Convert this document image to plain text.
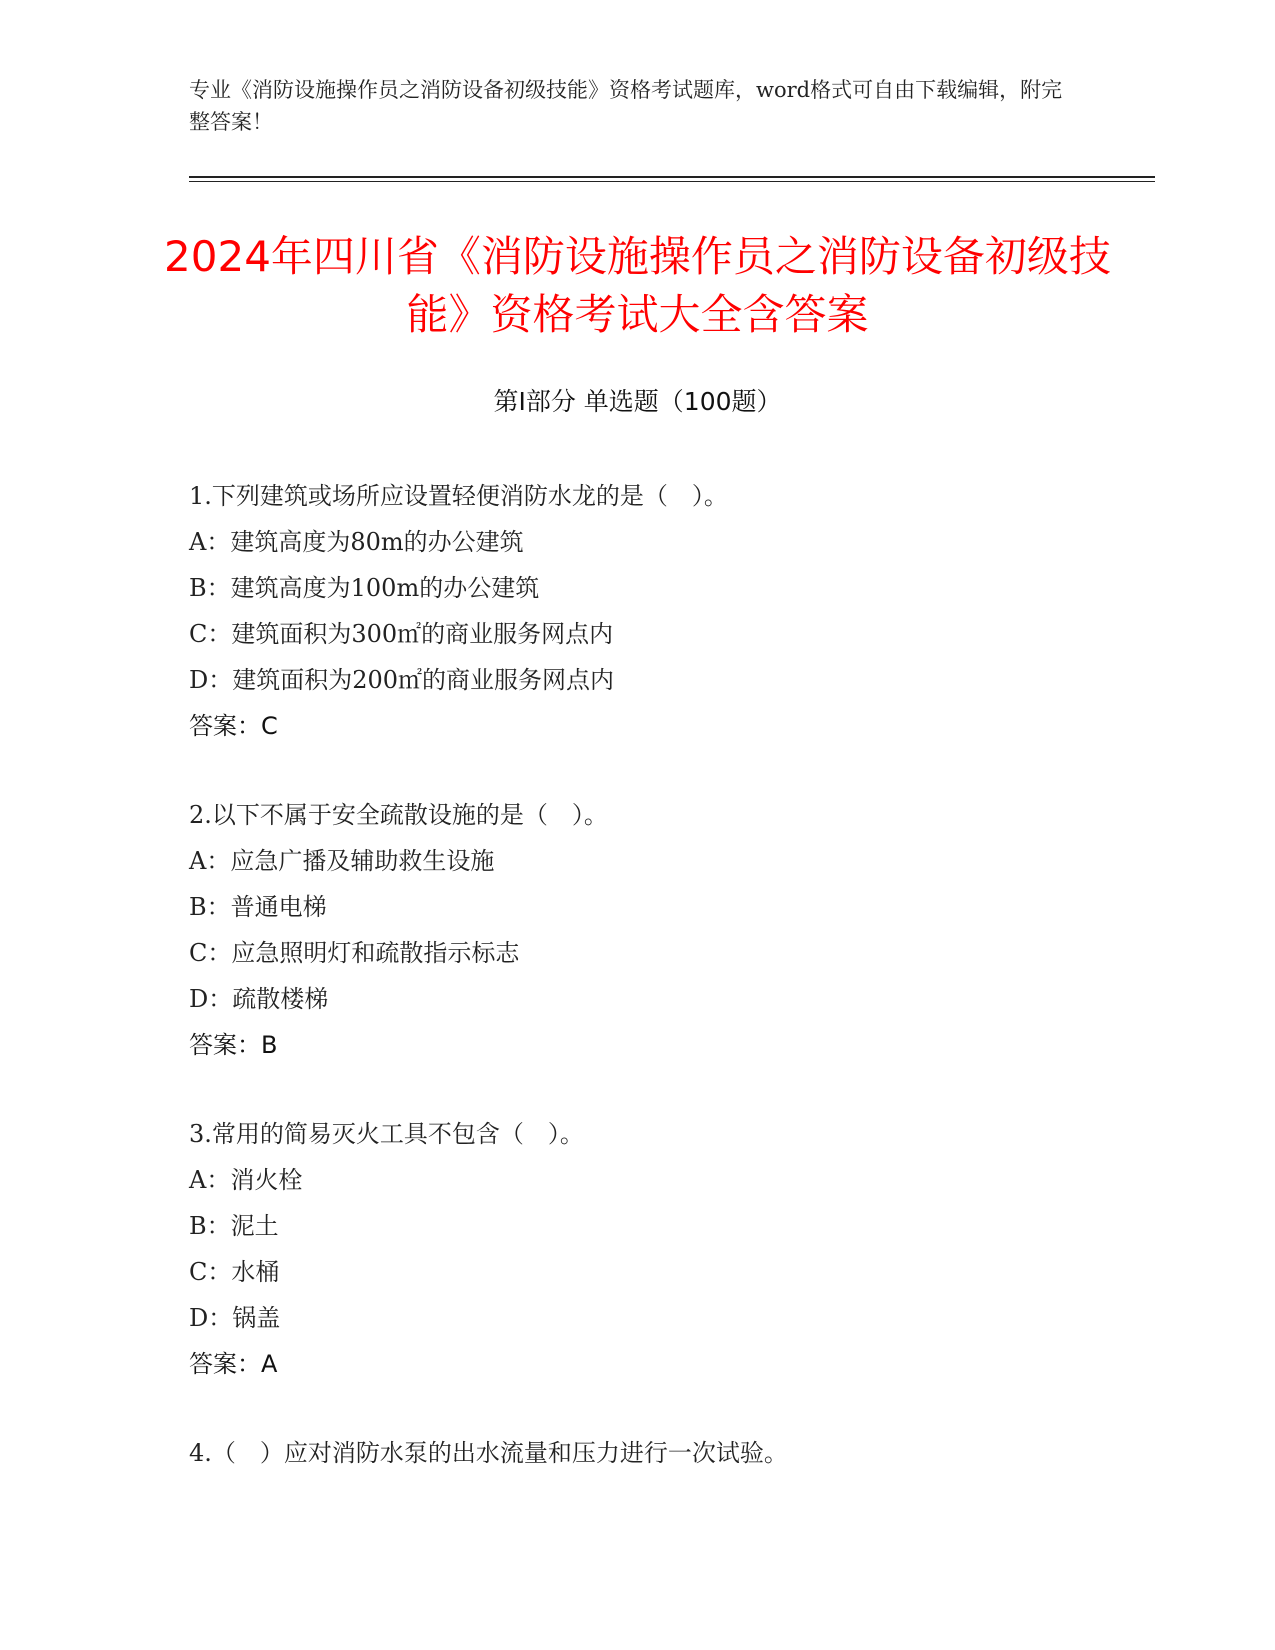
专业《消防设施操作员之消防设备初级技能》资格考试题库，word格式可自由下载编辑，附完整答案！

2024年四川省《消防设施操作员之消防设备初级技能》资格考试大全含答案
第I部分 单选题（100题）
1.下列建筑或场所应设置轻便消防水龙的是（　）。
A：建筑高度为80m的办公建筑
B：建筑高度为100m的办公建筑
C：建筑面积为300㎡的商业服务网点内
D：建筑面积为200㎡的商业服务网点内
答案：C
2.以下不属于安全疏散设施的是（　）。
A：应急广播及辅助救生设施
B：普通电梯
C：应急照明灯和疏散指示标志
D：疏散楼梯
答案：B
3.常用的简易灭火工具不包含（　）。
A：消火栓
B：泥土
C：水桶
D：锅盖
答案：A
4.（　）应对消防水泵的出水流量和压力进行一次试验。
